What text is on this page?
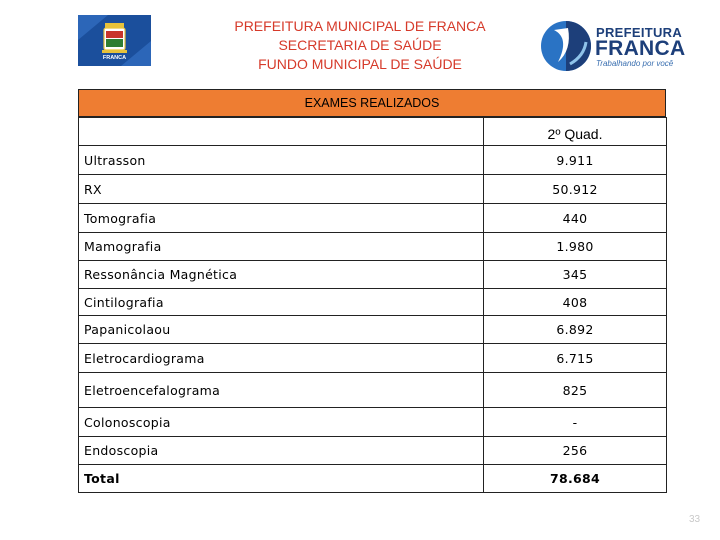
FRANCA
PREFEITURA MUNICIPAL DE FRANCA
SECRETARIA DE SAÚDE
FUNDO MUNICIPAL DE SAÚDE
PREFEITURA
FRANCA
Trabalhando por você
EXAMES REALIZADOS
	2º Quad.
Ultrasson	9.911
RX	50.912
Tomografia	440
Mamografia	1.980
Ressonância Magnética	345
Cintilografia	408
Papanicolaou	6.892
Eletrocardiograma	6.715
Eletroencefalograma	825
Colonoscopia	-
Endoscopia	256
Total	78.684
33
